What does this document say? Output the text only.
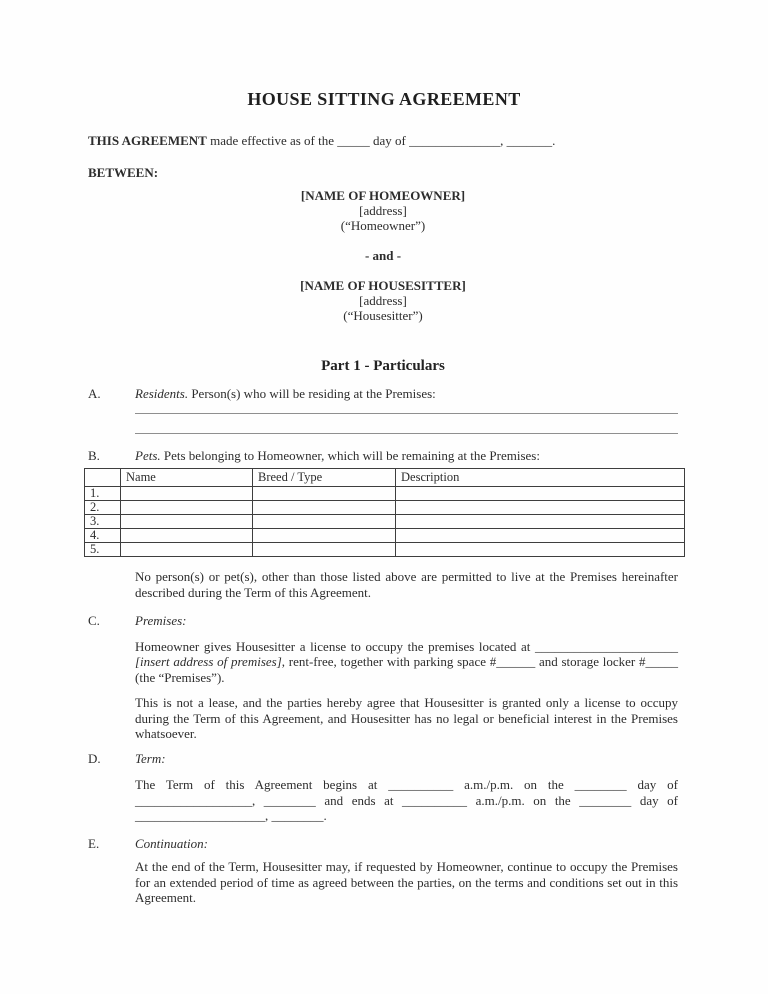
HOUSE SITTING AGREEMENT
THIS AGREEMENT made effective as of the _____ day of ______________, _______.
BETWEEN:
[NAME OF HOMEOWNER]
[address]
(“Homeowner”)
- and -
[NAME OF HOUSESITTER]
[address]
(“Housesitter”)
Part 1 - Particulars
A.	Residents. Person(s) who will be residing at the Premises:
B.	Pets. Pets belonging to Homeowner, which will be remaining at the Premises:
	Name	Breed / Type	Description
1.			
2.			
3.			
4.			
5.			
No person(s) or pet(s), other than those listed above are permitted to live at the Premises hereinafter described during the Term of this Agreement.
C.	Premises:
Homeowner gives Housesitter a license to occupy the premises located at ______________________ [insert address of premises], rent-free, together with parking space #______ and storage locker #_____ (the “Premises”).
This is not a lease, and the parties hereby agree that Housesitter is granted only a license to occupy during the Term of this Agreement, and Housesitter has no legal or beneficial interest in the Premises whatsoever.
D.	Term:
The Term of this Agreement begins at __________ a.m./p.m. on the ________ day of __________________, ________ and ends at __________ a.m./p.m. on the ________ day of ____________________, ________.
E.	Continuation:
At the end of the Term, Housesitter may, if requested by Homeowner, continue to occupy the Premises for an extended period of time as agreed between the parties, on the terms and conditions set out in this Agreement.
